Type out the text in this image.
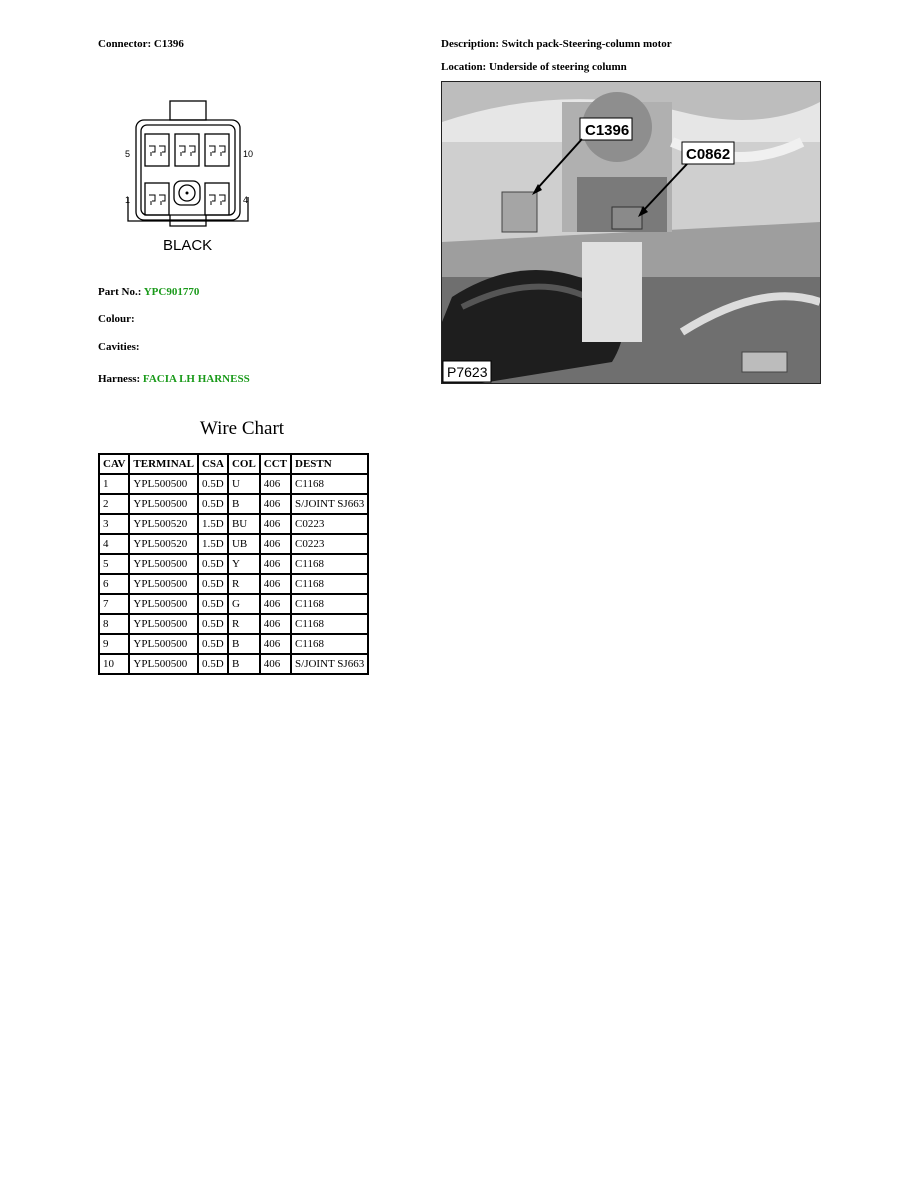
Connector: C1396	Description: Switch pack-Steering-column motor
Location: Underside of steering column
5	10
1	4
BLACK
C1396
C0862
P7623
Part No.: YPC901770
Colour:
Cavities:
Harness: FACIA LH HARNESS
Wire Chart
CAV	TERMINAL	CSA	COL	CCT	DESTN
1	YPL500500	0.5D	U	406	C1168
2	YPL500500	0.5D	B	406	S/JOINT SJ663
3	YPL500520	1.5D	BU	406	C0223
4	YPL500520	1.5D	UB	406	C0223
5	YPL500500	0.5D	Y	406	C1168
6	YPL500500	0.5D	R	406	C1168
7	YPL500500	0.5D	G	406	C1168
8	YPL500500	0.5D	R	406	C1168
9	YPL500500	0.5D	B	406	C1168
10	YPL500500	0.5D	B	406	S/JOINT SJ663
